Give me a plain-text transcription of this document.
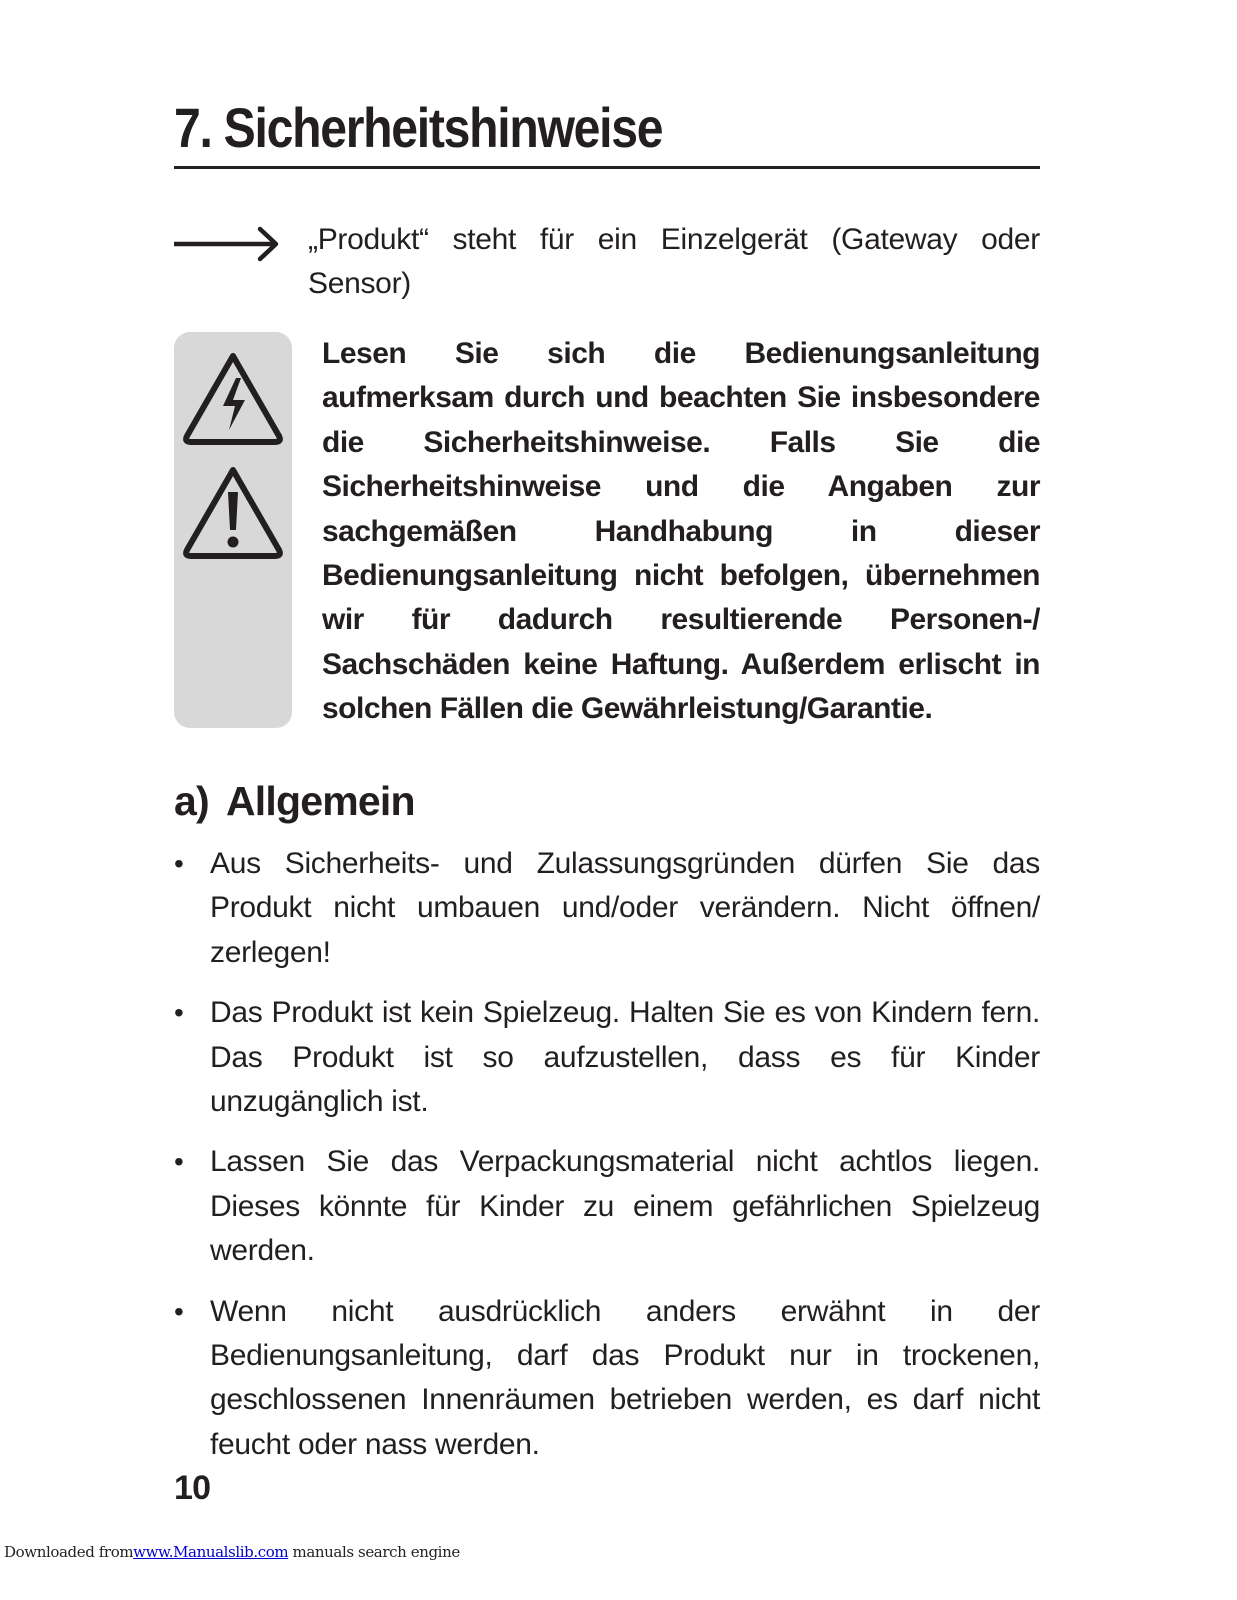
7. Sicherheitshinweise
„Produkt“ steht für ein Einzelgerät (Gateway oder Sensor)
Lesen Sie sich die Bedienungsanleitung aufmerksam durch und beachten Sie insbesondere die Sicherheitshinweise. Falls Sie die Sicherheitshinweise und die Angaben zur sachgemäßen Handhabung in dieser Bedienungsanleitung nicht befolgen, übernehmen wir für dadurch resultierende Personen-/ Sachschäden keine Haftung. Außerdem erlischt in solchen Fällen die Gewährleistung/Garantie.
a) Allgemein
• Aus Sicherheits- und Zulassungsgründen dürfen Sie das Produkt nicht umbauen und/oder verändern. Nicht öffnen/ zerlegen!
• Das Produkt ist kein Spielzeug. Halten Sie es von Kindern fern. Das Produkt ist so aufzustellen, dass es für Kinder unzugänglich ist.
• Lassen Sie das Verpackungsmaterial nicht achtlos liegen. Dieses könnte für Kinder zu einem gefährlichen Spielzeug werden.
• Wenn nicht ausdrücklich anders erwähnt in der Bedienungsanleitung, darf das Produkt nur in trockenen, geschlossenen Innenräumen betrieben werden, es darf nicht feucht oder nass werden.
10
Downloaded fromwww.Manualslib.com manuals search engine
